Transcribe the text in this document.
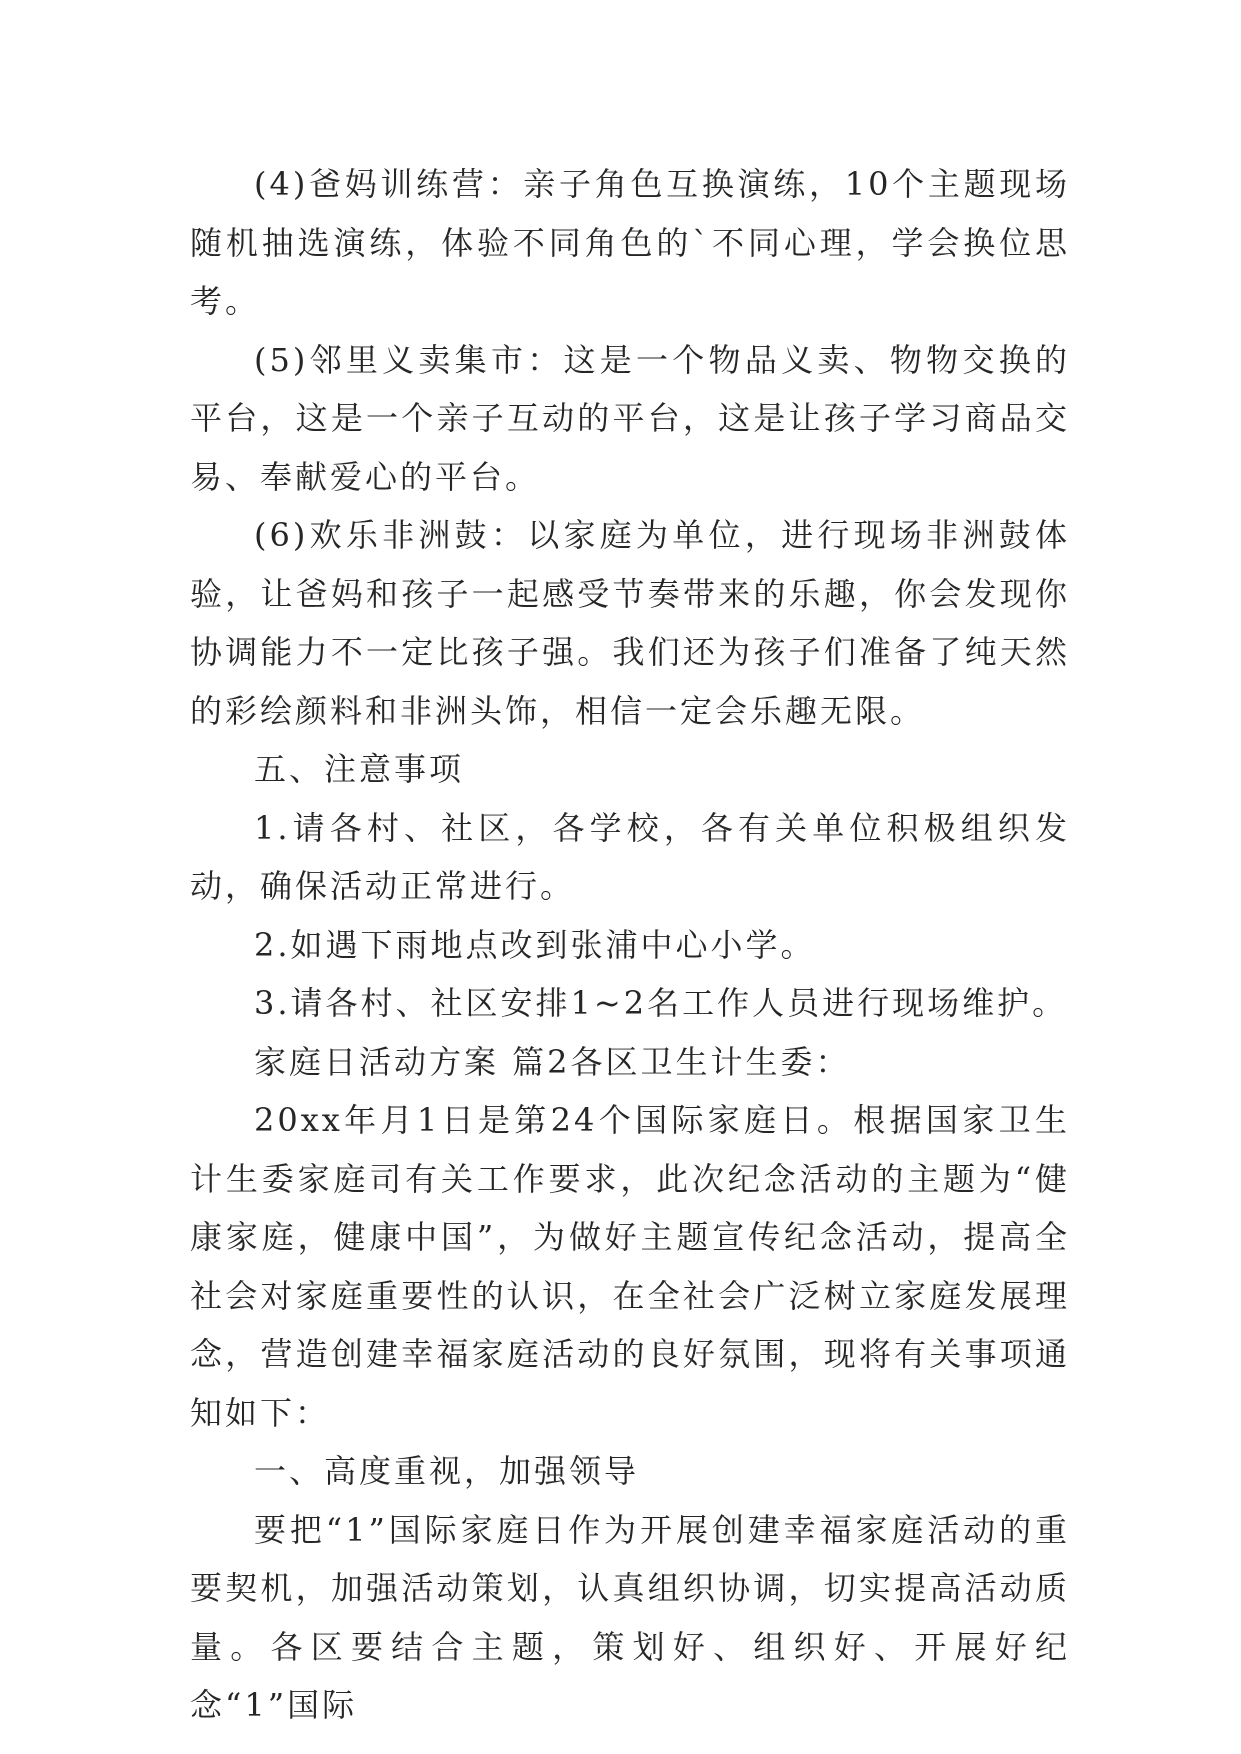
(4)爸妈训练营：亲子角色互换演练，10个主题现场随机抽选演练，体验不同角色的`不同心理，学会换位思考。

(5)邻里义卖集市：这是一个物品义卖、物物交换的平台，这是一个亲子互动的平台，这是让孩子学习商品交易、奉献爱心的平台。

(6)欢乐非洲鼓：以家庭为单位，进行现场非洲鼓体验，让爸妈和孩子一起感受节奏带来的乐趣，你会发现你协调能力不一定比孩子强。我们还为孩子们准备了纯天然的彩绘颜料和非洲头饰，相信一定会乐趣无限。

五、注意事项

1.请各村、社区，各学校，各有关单位积极组织发动，确保活动正常进行。

2.如遇下雨地点改到张浦中心小学。

3.请各村、社区安排1~2名工作人员进行现场维护。

家庭日活动方案 篇2各区卫生计生委：

20xx年月1日是第24个国际家庭日。根据国家卫生计生委家庭司有关工作要求，此次纪念活动的主题为“健康家庭，健康中国”，为做好主题宣传纪念活动，提高全社会对家庭重要性的认识，在全社会广泛树立家庭发展理念，营造创建幸福家庭活动的良好氛围，现将有关事项通知如下：

一、高度重视，加强领导

要把“1”国际家庭日作为开展创建幸福家庭活动的重要契机，加强活动策划，认真组织协调，切实提高活动质量。各区要结合主题，策划好、组织好、开展好纪念“1”国际
